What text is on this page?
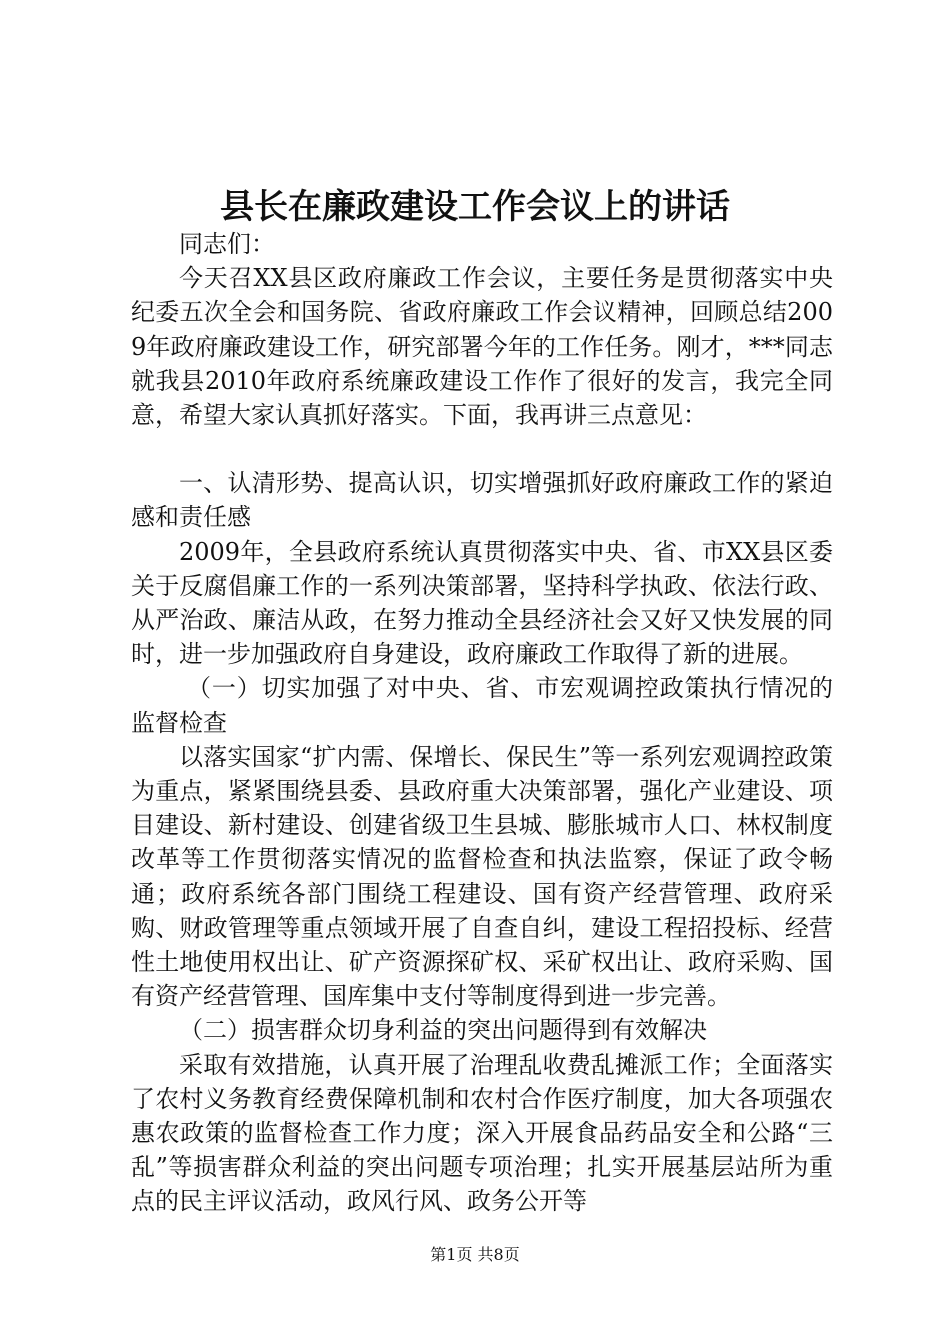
县长在廉政建设工作会议上的讲话

同志们：

今天召XX县区政府廉政工作会议，主要任务是贯彻落实中央纪委五次全会和国务院、省政府廉政工作会议精神，回顾总结2009年政府廉政建设工作，研究部署今年的工作任务。刚才，***同志就我县2010年政府系统廉政建设工作作了很好的发言，我完全同意，希望大家认真抓好落实。下面，我再讲三点意见：

一、认清形势、提高认识，切实增强抓好政府廉政工作的紧迫感和责任感

2009年，全县政府系统认真贯彻落实中央、省、市XX县区委关于反腐倡廉工作的一系列决策部署，坚持科学执政、依法行政、从严治政、廉洁从政，在努力推动全县经济社会又好又快发展的同时，进一步加强政府自身建设，政府廉政工作取得了新的进展。

（一）切实加强了对中央、省、市宏观调控政策执行情况的监督检查

以落实国家“扩内需、保增长、保民生”等一系列宏观调控政策为重点，紧紧围绕县委、县政府重大决策部署，强化产业建设、项目建设、新村建设、创建省级卫生县城、膨胀城市人口、林权制度改革等工作贯彻落实情况的监督检查和执法监察，保证了政令畅通；政府系统各部门围绕工程建设、国有资产经营管理、政府采购、财政管理等重点领域开展了自查自纠，建设工程招投标、经营性土地使用权出让、矿产资源探矿权、采矿权出让、政府采购、国有资产经营管理、国库集中支付等制度得到进一步完善。

（二）损害群众切身利益的突出问题得到有效解决

采取有效措施，认真开展了治理乱收费乱摊派工作；全面落实了农村义务教育经费保障机制和农村合作医疗制度，加大各项强农惠农政策的监督检查工作力度；深入开展食品药品安全和公路“三乱”等损害群众利益的突出问题专项治理；扎实开展基层站所为重点的民主评议活动，政风行风、政务公开等

第1页 共8页
